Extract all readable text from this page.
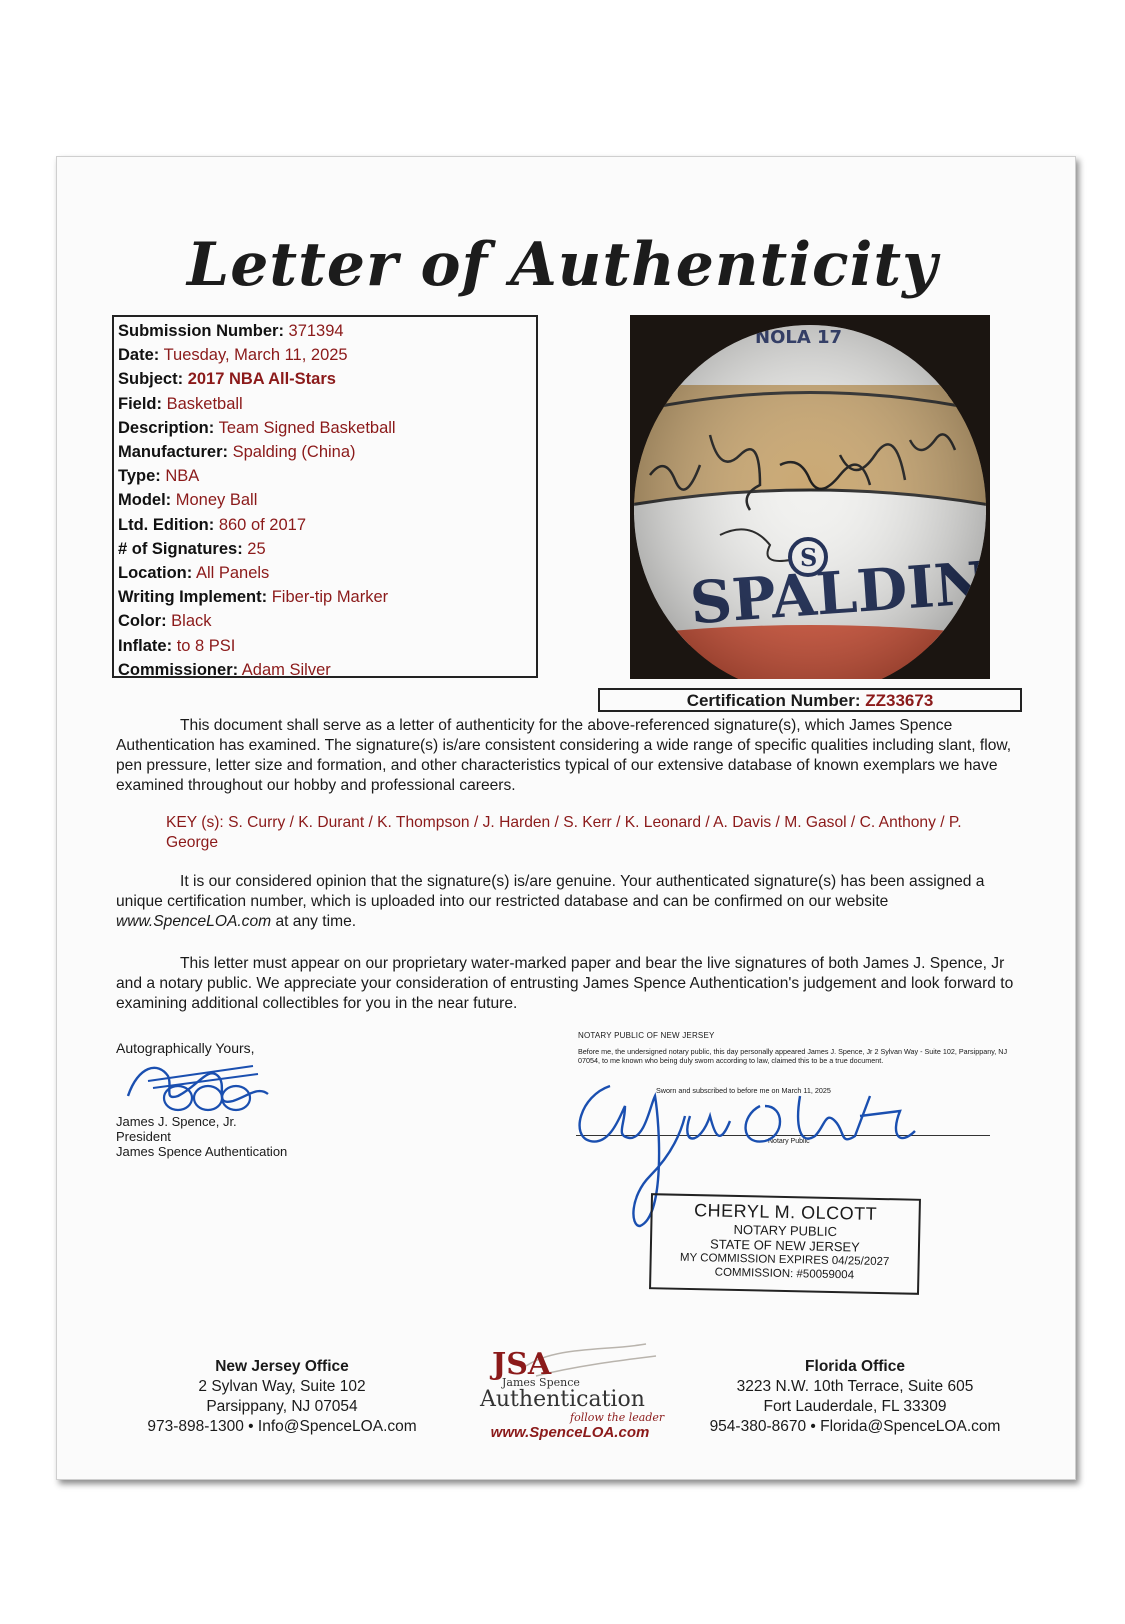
Letter of Authenticity
Submission Number: 371394
Date: Tuesday, March 11, 2025
Subject: 2017 NBA All-Stars
Field: Basketball
Description: Team Signed Basketball
Manufacturer: Spalding (China)
Type: NBA
Model: Money Ball
Ltd. Edition: 860 of 2017
# of Signatures: 25
Location: All Panels
Writing Implement: Fiber-tip Marker
Color: Black
Inflate: to 8 PSI
Commissioner: Adam Silver
Certification Number: ZZ33673
This document shall serve as a letter of authenticity for the above-referenced signature(s), which James Spence Authentication has examined. The signature(s) is/are consistent considering a wide range of specific qualities including slant, flow, pen pressure, letter size and formation, and other characteristics typical of our extensive database of known exemplars we have examined throughout our hobby and professional careers.
KEY (s): S. Curry / K. Durant / K. Thompson / J. Harden / S. Kerr / K. Leonard / A. Davis / M. Gasol / C. Anthony / P. George
It is our considered opinion that the signature(s) is/are genuine. Your authenticated signature(s) has been assigned a unique certification number, which is uploaded into our restricted database and can be confirmed on our website www.SpenceLOA.com at any time.
This letter must appear on our proprietary water-marked paper and bear the live signatures of both James J. Spence, Jr and a notary public. We appreciate your consideration of entrusting James Spence Authentication's judgement and look forward to examining additional collectibles for you in the near future.
Autographically Yours,
James J. Spence, Jr.
President
James Spence Authentication
NOTARY PUBLIC OF NEW JERSEY
Before me, the undersigned notary public, this day personally appeared James J. Spence, Jr 2 Sylvan Way - Suite 102, Parsippany, NJ 07054, to me known who being duly sworn according to law, claimed this to be a true document.
Sworn and subscribed to before me on March 11, 2025
Notary Public
CHERYL M. OLCOTT
NOTARY PUBLIC
STATE OF NEW JERSEY
MY COMMISSION EXPIRES 04/25/2027
COMMISSION: #50059004
New Jersey Office
2 Sylvan Way, Suite 102
Parsippany, NJ 07054
973-898-1300 • Info@SpenceLOA.com
JSA
James Spence
Authentication
follow the leader
www.SpenceLOA.com
Florida Office
3223 N.W. 10th Terrace, Suite 605
Fort Lauderdale, FL 33309
954-380-8670 • Florida@SpenceLOA.com
